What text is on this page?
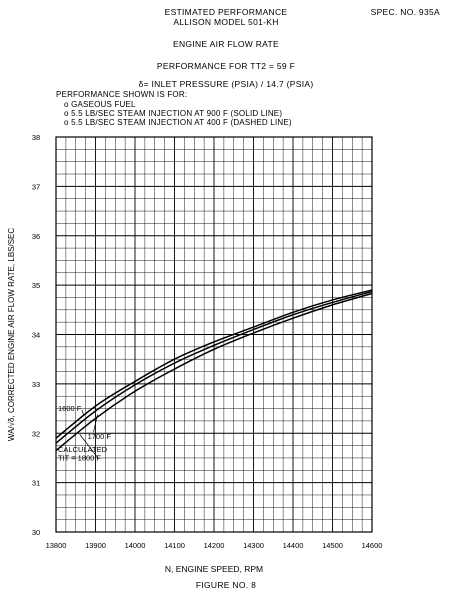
SPEC. NO. 935A
ESTIMATED PERFORMANCE
ALLISON MODEL 501-KH
ENGINE AIR FLOW RATE
PERFORMANCE FOR TT2 = 59 F
δ= INLET PRESSURE (PSIA) / 14.7 (PSIA)
PERFORMANCE SHOWN IS FOR:
o GASEOUS FUEL
o 5.5 LB/SEC STEAM INJECTION AT 900 F (SOLID LINE)
o 5.5 LB/SEC STEAM INJECTION AT 400 F (DASHED LINE)
13800 13900 14000 14100 14200 14300 14400 14500 14600
30
31
32
33
34
35
36
37
38
N, ENGINE SPEED, RPM
WA/√δ, CORRECTED ENGINE AIR FLOW RATE, LBS/SEC	1600 F
1700 F
CALCULATED
TIT = 1800 F
FIGURE NO. 8
